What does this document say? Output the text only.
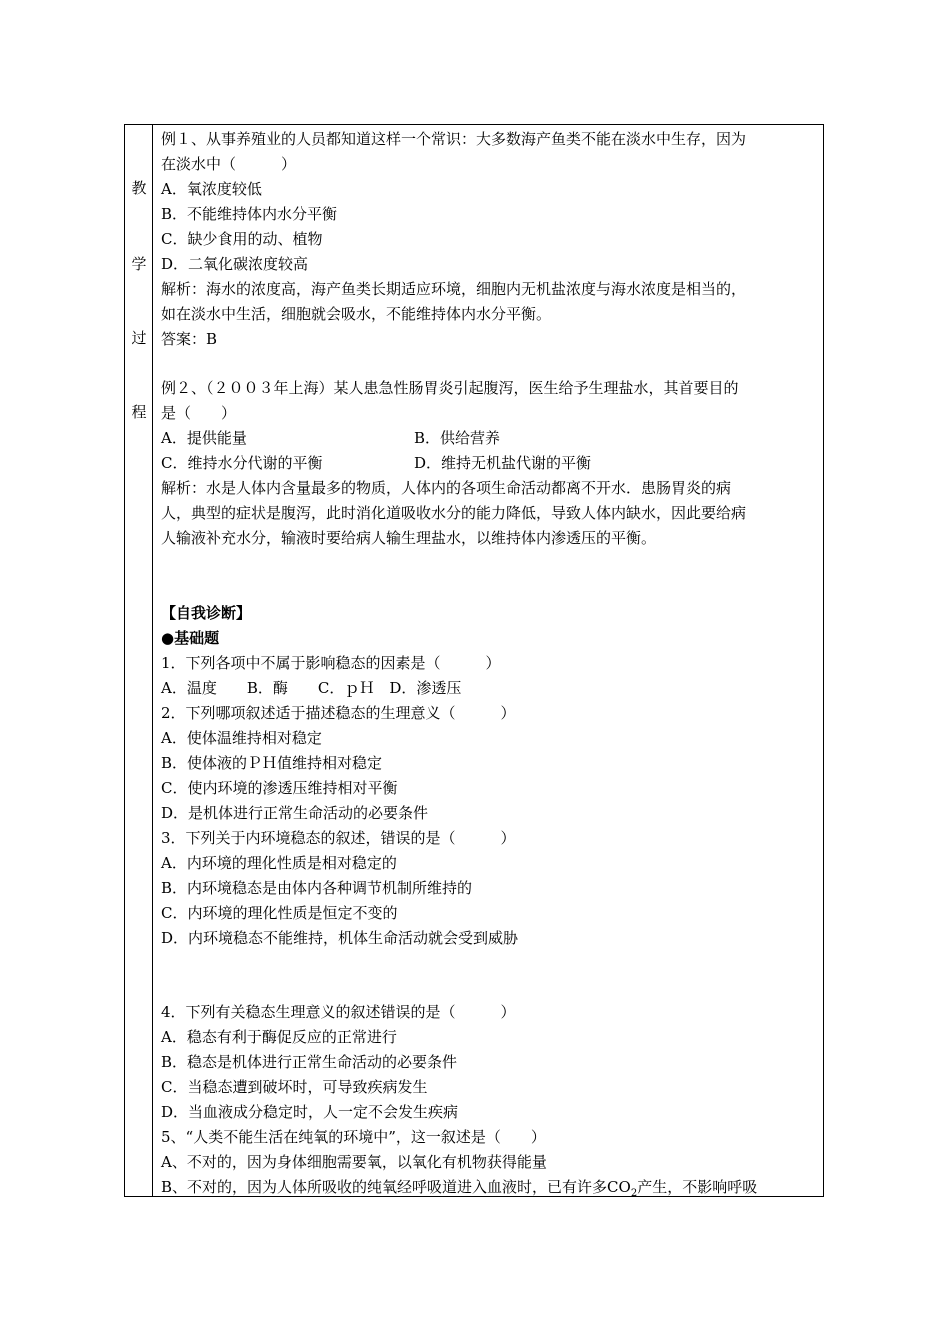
教
学
过
程
例１、从事养殖业的人员都知道这样一个常识：大多数海产鱼类不能在淡水中生存，因为
在淡水中（　　　）
A．氧浓度较低
B．不能维持体内水分平衡
C．缺少食用的动、植物
D．二氧化碳浓度较高
解析：海水的浓度高，海产鱼类长期适应环境，细胞内无机盐浓度与海水浓度是相当的，
如在淡水中生活，细胞就会吸水，不能维持体内水分平衡。
答案：B
例２、（２００３年上海）某人患急性肠胃炎引起腹泻，医生给予生理盐水，其首要目的
是（　　）
A．提供能量	B．供给营养
C．维持水分代谢的平衡	D．维持无机盐代谢的平衡
解析：水是人体内含量最多的物质，人体内的各项生命活动都离不开水．患肠胃炎的病
人，典型的症状是腹泻，此时消化道吸收水分的能力降低，导致人体内缺水，因此要给病
人输液补充水分，输液时要给病人输生理盐水，以维持体内渗透压的平衡。
【自我诊断】
●基础题
1．下列各项中不属于影响稳态的因素是（　　　）
A．温度　　B．酶　　C．ｐＨ　D．渗透压
2．下列哪项叙述适于描述稳态的生理意义（　　　）
A．使体温维持相对稳定
B．使体液的ＰＨ值维持相对稳定
C．使内环境的渗透压维持相对平衡
D．是机体进行正常生命活动的必要条件
3．下列关于内环境稳态的叙述，错误的是（　　　）
A．内环境的理化性质是相对稳定的
B．内环境稳态是由体内各种调节机制所维持的
C．内环境的理化性质是恒定不变的
D．内环境稳态不能维持，机体生命活动就会受到威胁
4．下列有关稳态生理意义的叙述错误的是（　　　）
A．稳态有利于酶促反应的正常进行
B．稳态是机体进行正常生命活动的必要条件
C．当稳态遭到破坏时，可导致疾病发生
D．当血液成分稳定时，人一定不会发生疾病
5、“人类不能生活在纯氧的环境中”，这一叙述是（　　）
A、不对的，因为身体细胞需要氧，以氧化有机物获得能量
B、不对的，因为人体所吸收的纯氧经呼吸道进入血液时，已有许多$CO_2$产生，不影响呼吸
